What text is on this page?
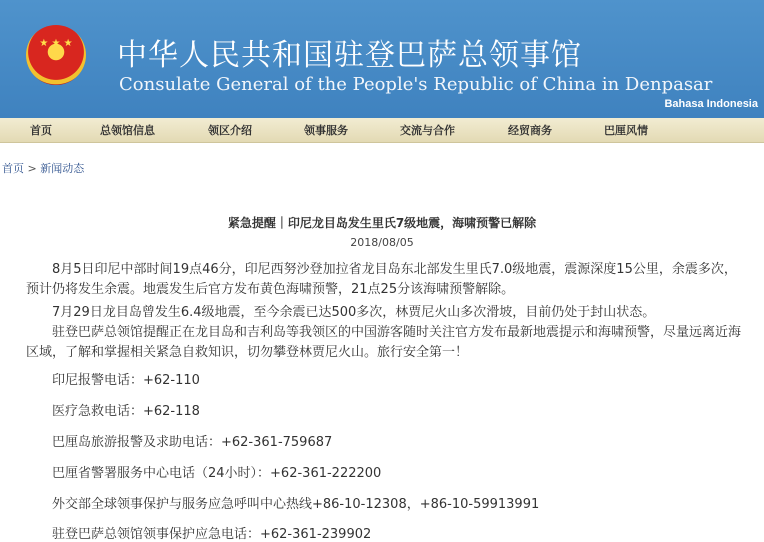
★ ★ ★	中华人民共和国驻登巴萨总领事馆
Consulate General of the People's Republic of China in Denpasar
Bahasa Indonesia
首页	总领馆信息	领区介绍	领事服务	交流与合作	经贸商务	巴厘风情
首页 > 新闻动态
紧急提醒｜印尼龙目岛发生里氏7级地震，海啸预警已解除
2018/08/05
8月5日印尼中部时间19点46分，印尼西努沙登加拉省龙目岛东北部发生里氏7.0级地震，震源深度15公里，余震多次，预计仍将发生余震。地震发生后官方发布黄色海啸预警，21点25分该海啸预警解除。
7月29日龙目岛曾发生6.4级地震，至今余震已达500多次，林贾尼火山多次滑坡，目前仍处于封山状态。
驻登巴萨总领馆提醒正在龙目岛和吉利岛等我领区的中国游客随时关注官方发布最新地震提示和海啸预警，尽量远离近海区域，了解和掌握相关紧急自救知识，切勿攀登林贾尼火山。旅行安全第一！
印尼报警电话：+62-110
医疗急救电话：+62-118
巴厘岛旅游报警及求助电话：+62-361-759687
巴厘省警署服务中心电话（24小时）：+62-361-222200
外交部全球领事保护与服务应急呼叫中心热线+86-10-12308，+86-10-59913991
驻登巴萨总领馆领事保护应急电话：+62-361-239902
